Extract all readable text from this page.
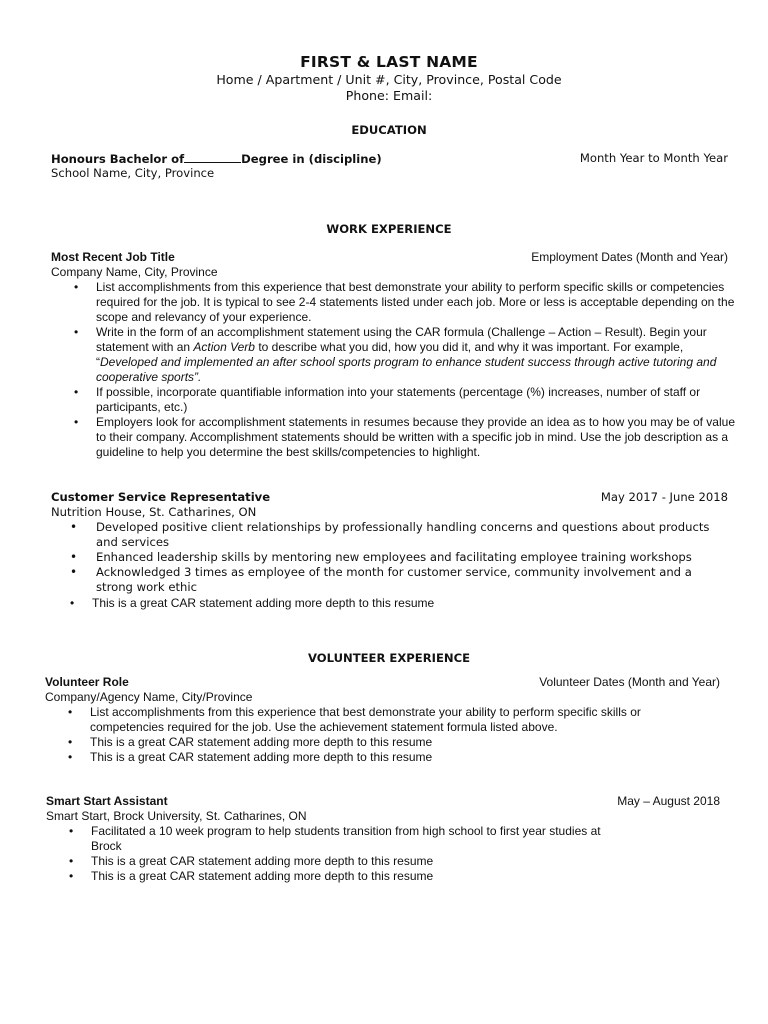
FIRST & LAST NAME
Home / Apartment / Unit #, City, Province, Postal Code
Phone: Email:
EDUCATION
Honours Bachelor of	Degree in (discipline)	Month Year to Month Year
School Name, City, Province
WORK EXPERIENCE
Most Recent Job Title	Employment Dates (Month and Year)
Company Name, City, Province
• List accomplishments from this experience that best demonstrate your ability to perform specific skills or competencies required for the job. It is typical to see 2-4 statements listed under each job. More or less is acceptable depending on the scope and relevancy of your experience.
• Write in the form of an accomplishment statement using the CAR formula (Challenge – Action – Result). Begin your statement with an Action Verb to describe what you did, how you did it, and why it was important. For example, “Developed and implemented an after school sports program to enhance student success through active tutoring and cooperative sports”.
• If possible, incorporate quantifiable information into your statements (percentage (%) increases, number of staff or participants, etc.)
• Employers look for accomplishment statements in resumes because they provide an idea as to how you may be of value to their company. Accomplishment statements should be written with a specific job in mind. Use the job description as a guideline to help you determine the best skills/competencies to highlight.
Customer Service Representative	May 2017 - June 2018
Nutrition House, St. Catharines, ON
• Developed positive client relationships by professionally handling concerns and questions about products and services
• Enhanced leadership skills by mentoring new employees and facilitating employee training workshops
• Acknowledged 3 times as employee of the month for customer service, community involvement and a strong work ethic
• This is a great CAR statement adding more depth to this resume
VOLUNTEER EXPERIENCE
Volunteer Role	Volunteer Dates (Month and Year)
Company/Agency Name, City/Province
• List accomplishments from this experience that best demonstrate your ability to perform specific skills or competencies required for the job. Use the achievement statement formula listed above.
• This is a great CAR statement adding more depth to this resume
• This is a great CAR statement adding more depth to this resume
Smart Start Assistant	May – August 2018
Smart Start, Brock University, St. Catharines, ON
• Facilitated a 10 week program to help students transition from high school to first year studies at Brock
• This is a great CAR statement adding more depth to this resume
• This is a great CAR statement adding more depth to this resume
